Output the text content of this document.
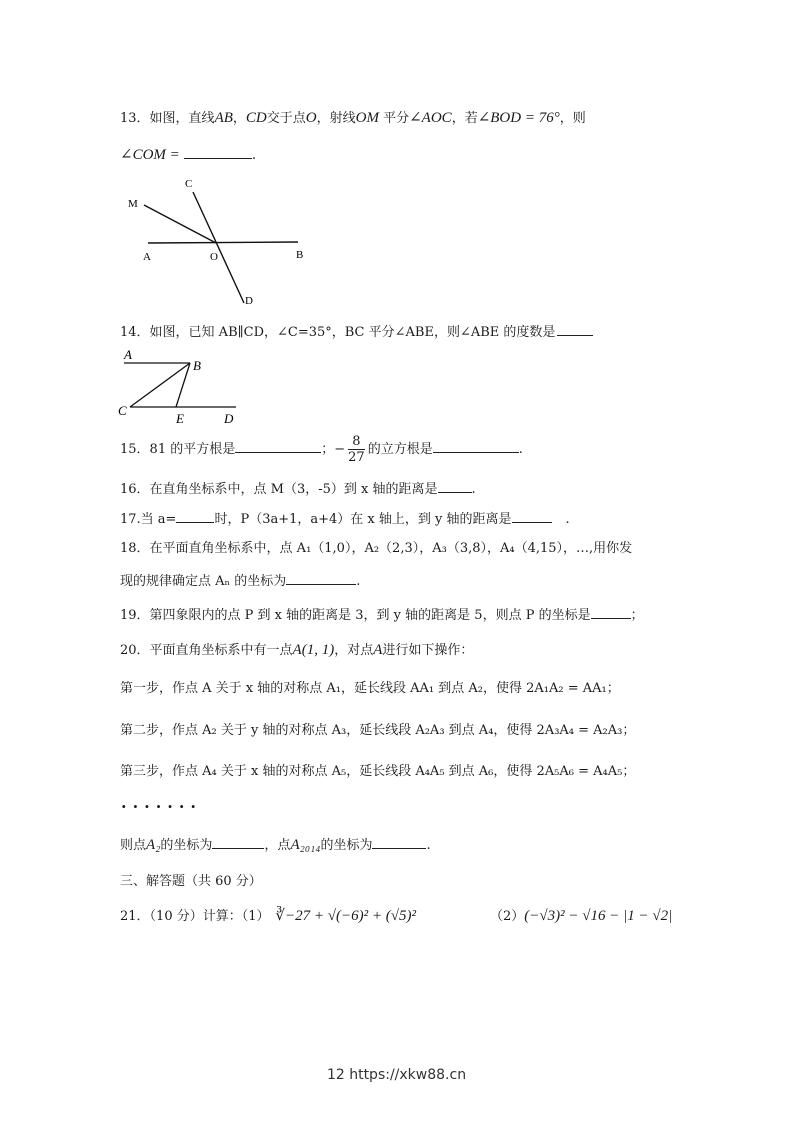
13．如图，直线AB，CD交于点O，射线OM 平分∠AOC，若∠BOD = 76°，则
∠COM =	.
C
M
A	O	B
D
14．如图，已知 AB∥CD，∠C=35°，BC 平分∠ABE，则∠ABE 的度数是
A
B
C
E	D
15．81 的平方根是	；− $\frac{8}{27}$ 的立方根是	.
16．在直角坐标系中，点 M（3，-5）到 x 轴的距离是	.
17.当 a=	时，P（3a+1，a+4）在 x 轴上，到 y 轴的距离是	.
18．在平面直角坐标系中，点 A₁（1,0），A₂（2,3），A₃（3,8），A₄（4,15），…,用你发
现的规律确定点 Aₙ 的坐标为	.
19．第四象限内的点 P 到 x 轴的距离是 3，到 y 轴的距离是 5，则点 P 的坐标是	；
20．平面直角坐标系中有一点A(1, 1)，对点A进行如下操作：
第一步，作点 A 关于 x 轴的对称点 A₁，延长线段 AA₁ 到点 A₂，使得 2A₁A₂ = AA₁；
第二步，作点 A₂ 关于 y 轴的对称点 A₃，延长线段 A₂A₃ 到点 A₄，使得 2A₃A₄ = A₂A₃；
第三步，作点 A₄ 关于 x 轴的对称点 A₅，延长线段 A₄A₅ 到点 A₆，使得 2A₅A₆ = A₄A₅；
·······
则点A₂的坐标为	，点A₂₀₁₄的坐标为	.
三、解答题（共 60 分）
21．（10 分）计算：（1） ∛−27 + √(−6)² + (√5)²	（2）(−√3)² − √16 − |1 − √2|
12 https://xkw88.cn
